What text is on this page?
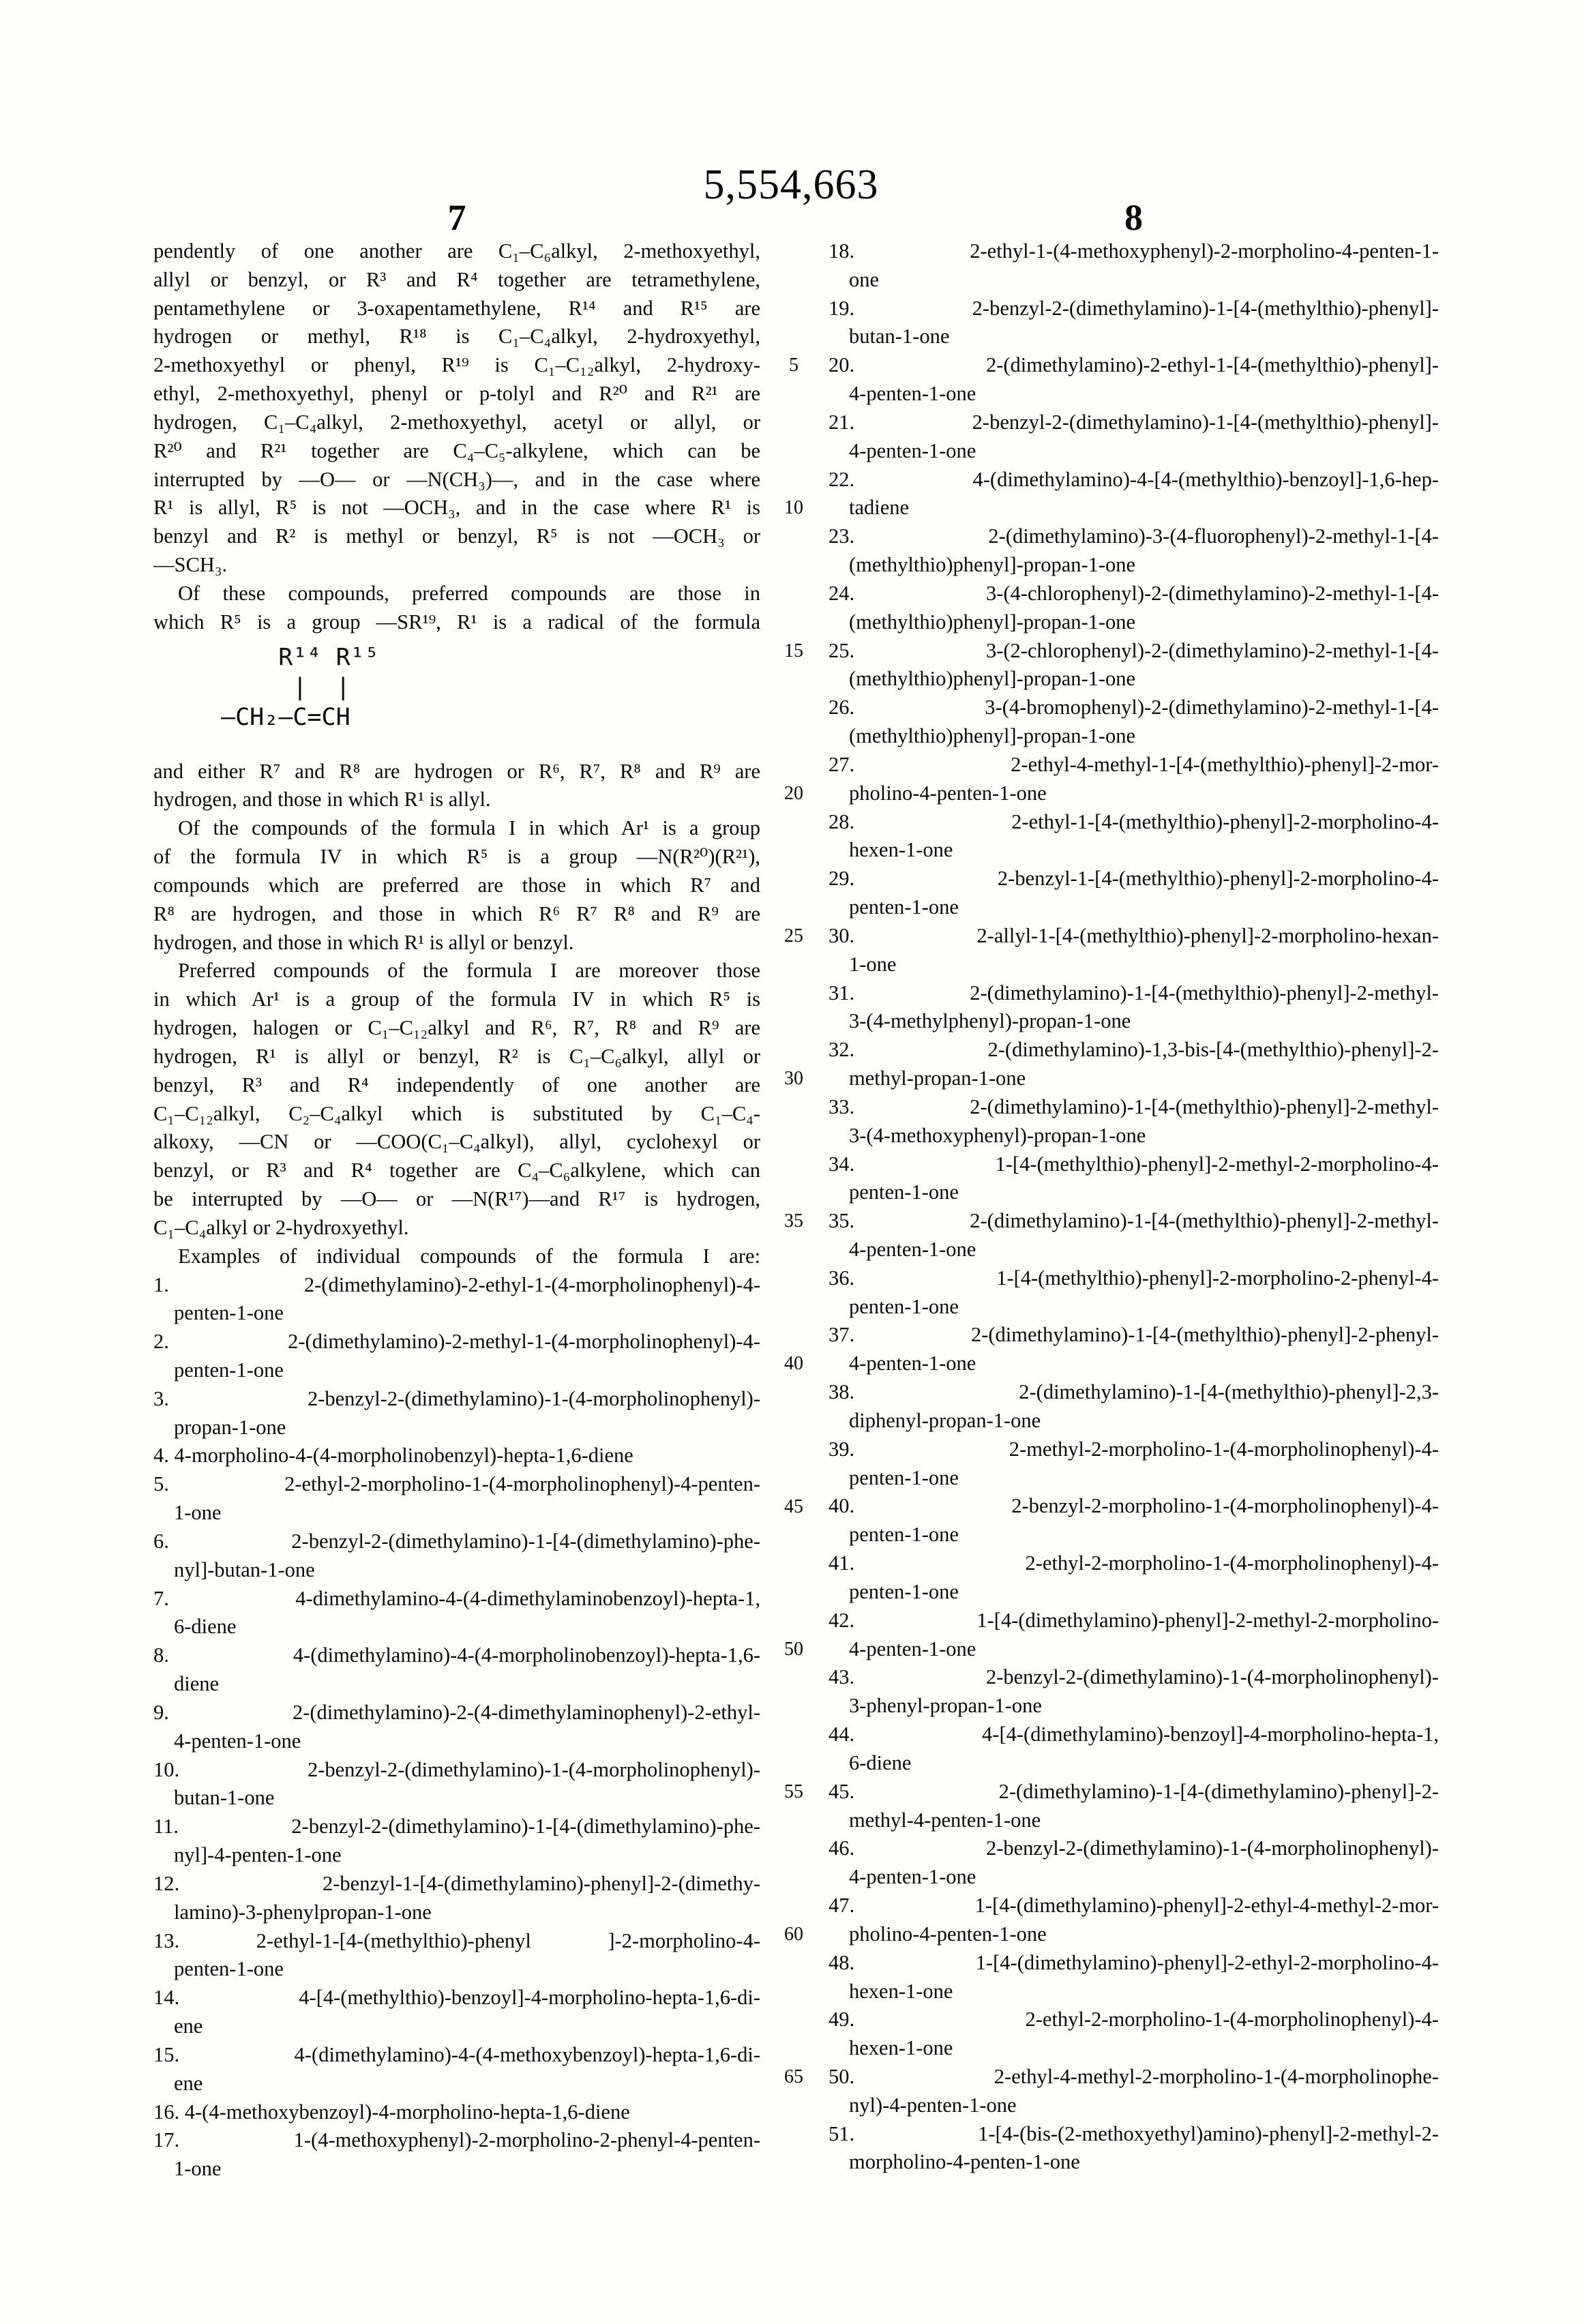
5,554,663
7	8
5
10
15
20
25
30
35
40
45
50
55
60
65
pendently of one another are C₁–C₆alkyl, 2-methoxyethyl,
allyl or benzyl, or R³ and R⁴ together are tetramethylene,
pentamethylene or 3-oxapentamethylene, R¹⁴ and R¹⁵ are
hydrogen or methyl, R¹⁸ is C₁–C₄alkyl, 2-hydroxyethyl,
2-methoxyethyl or phenyl, R¹⁹ is C₁–C₁₂alkyl, 2-hydroxy-
ethyl, 2-methoxyethyl, phenyl or p-tolyl and R²⁰ and R²¹ are
hydrogen, C₁–C₄alkyl, 2-methoxyethyl, acetyl or allyl, or
R²⁰ and R²¹ together are C₄–C₅-alkylene, which can be
interrupted by —O— or —N(CH₃)—, and in the case where
R¹ is allyl, R⁵ is not —OCH₃, and in the case where R¹ is
benzyl and R² is methyl or benzyl, R⁵ is not —OCH₃ or
—SCH₃.
Of these compounds, preferred compounds are those in
which R⁵ is a group —SR¹⁹, R¹ is a radical of the formula
R¹⁴ R¹⁵
|  |
—CH₂—C=CH
and either R⁷ and R⁸ are hydrogen or R⁶, R⁷, R⁸ and R⁹ are
hydrogen, and those in which R¹ is allyl.
Of the compounds of the formula I in which Ar¹ is a group
of the formula IV in which R⁵ is a group —N(R²⁰)(R²¹),
compounds which are preferred are those in which R⁷ and
R⁸ are hydrogen, and those in which R⁶ R⁷ R⁸ and R⁹ are
hydrogen, and those in which R¹ is allyl or benzyl.
Preferred compounds of the formula I are moreover those
in which Ar¹ is a group of the formula IV in which R⁵ is
hydrogen, halogen or C₁–C₁₂alkyl and R⁶, R⁷, R⁸ and R⁹ are
hydrogen, R¹ is allyl or benzyl, R² is C₁–C₆alkyl, allyl or
benzyl, R³ and R⁴ independently of one another are
C₁–C₁₂alkyl, C₂–C₄alkyl which is substituted by C₁–C₄-
alkoxy, —CN or —COO(C₁–C₄alkyl), allyl, cyclohexyl or
benzyl, or R³ and R⁴ together are C₄–C₆alkylene, which can
be interrupted by —O— or —N(R¹⁷)—and R¹⁷ is hydrogen,
C₁–C₄alkyl or 2-hydroxyethyl.
Examples of individual compounds of the formula I are:
1.	2-(dimethylamino)-2-ethyl-1-(4-morpholinophenyl)-4-
penten-1-one
2.	2-(dimethylamino)-2-methyl-1-(4-morpholinophenyl)-4-
penten-1-one
3.	2-benzyl-2-(dimethylamino)-1-(4-morpholinophenyl)-
propan-1-one
4. 4-morpholino-4-(4-morpholinobenzyl)-hepta-1,6-diene
5.	2-ethyl-2-morpholino-1-(4-morpholinophenyl)-4-penten-
1-one
6.	2-benzyl-2-(dimethylamino)-1-[4-(dimethylamino)-phe-
nyl]-butan-1-one
7.	4-dimethylamino-4-(4-dimethylaminobenzoyl)-hepta-1,
6-diene
8.	4-(dimethylamino)-4-(4-morpholinobenzoyl)-hepta-1,6-
diene
9.	2-(dimethylamino)-2-(4-dimethylaminophenyl)-2-ethyl-
4-penten-1-one
10.	2-benzyl-2-(dimethylamino)-1-(4-morpholinophenyl)-
butan-1-one
11.	2-benzyl-2-(dimethylamino)-1-[4-(dimethylamino)-phe-
nyl]-4-penten-1-one
12.	2-benzyl-1-[4-(dimethylamino)-phenyl]-2-(dimethy-
lamino)-3-phenylpropan-1-one
13.	2-ethyl-1-[4-(methylthio)-phenyl ]-2-morpholino-4-
penten-1-one
14.	4-[4-(methylthio)-benzoyl]-4-morpholino-hepta-1,6-di-
ene
15.	4-(dimethylamino)-4-(4-methoxybenzoyl)-hepta-1,6-di-
ene
16. 4-(4-methoxybenzoyl)-4-morpholino-hepta-1,6-diene
17.	1-(4-methoxyphenyl)-2-morpholino-2-phenyl-4-penten-
1-one
18.	2-ethyl-1-(4-methoxyphenyl)-2-morpholino-4-penten-1-
one
19.	2-benzyl-2-(dimethylamino)-1-[4-(methylthio)-phenyl]-
butan-1-one
20.	2-(dimethylamino)-2-ethyl-1-[4-(methylthio)-phenyl]-
4-penten-1-one
21.	2-benzyl-2-(dimethylamino)-1-[4-(methylthio)-phenyl]-
4-penten-1-one
22.	4-(dimethylamino)-4-[4-(methylthio)-benzoyl]-1,6-hep-
tadiene
23.	2-(dimethylamino)-3-(4-fluorophenyl)-2-methyl-1-[4-
(methylthio)phenyl]-propan-1-one
24.	3-(4-chlorophenyl)-2-(dimethylamino)-2-methyl-1-[4-
(methylthio)phenyl]-propan-1-one
25.	3-(2-chlorophenyl)-2-(dimethylamino)-2-methyl-1-[4-
(methylthio)phenyl]-propan-1-one
26.	3-(4-bromophenyl)-2-(dimethylamino)-2-methyl-1-[4-
(methylthio)phenyl]-propan-1-one
27.	2-ethyl-4-methyl-1-[4-(methylthio)-phenyl]-2-mor-
pholino-4-penten-1-one
28.	2-ethyl-1-[4-(methylthio)-phenyl]-2-morpholino-4-
hexen-1-one
29.	2-benzyl-1-[4-(methylthio)-phenyl]-2-morpholino-4-
penten-1-one
30.	2-allyl-1-[4-(methylthio)-phenyl]-2-morpholino-hexan-
1-one
31.	2-(dimethylamino)-1-[4-(methylthio)-phenyl]-2-methyl-
3-(4-methylphenyl)-propan-1-one
32.	2-(dimethylamino)-1,3-bis-[4-(methylthio)-phenyl]-2-
methyl-propan-1-one
33.	2-(dimethylamino)-1-[4-(methylthio)-phenyl]-2-methyl-
3-(4-methoxyphenyl)-propan-1-one
34.	1-[4-(methylthio)-phenyl]-2-methyl-2-morpholino-4-
penten-1-one
35.	2-(dimethylamino)-1-[4-(methylthio)-phenyl]-2-methyl-
4-penten-1-one
36.	1-[4-(methylthio)-phenyl]-2-morpholino-2-phenyl-4-
penten-1-one
37.	2-(dimethylamino)-1-[4-(methylthio)-phenyl]-2-phenyl-
4-penten-1-one
38.	2-(dimethylamino)-1-[4-(methylthio)-phenyl]-2,3-
diphenyl-propan-1-one
39.	2-methyl-2-morpholino-1-(4-morpholinophenyl)-4-
penten-1-one
40.	2-benzyl-2-morpholino-1-(4-morpholinophenyl)-4-
penten-1-one
41.	2-ethyl-2-morpholino-1-(4-morpholinophenyl)-4-
penten-1-one
42.	1-[4-(dimethylamino)-phenyl]-2-methyl-2-morpholino-
4-penten-1-one
43.	2-benzyl-2-(dimethylamino)-1-(4-morpholinophenyl)-
3-phenyl-propan-1-one
44.	4-[4-(dimethylamino)-benzoyl]-4-morpholino-hepta-1,
6-diene
45.	2-(dimethylamino)-1-[4-(dimethylamino)-phenyl]-2-
methyl-4-penten-1-one
46.	2-benzyl-2-(dimethylamino)-1-(4-morpholinophenyl)-
4-penten-1-one
47.	1-[4-(dimethylamino)-phenyl]-2-ethyl-4-methyl-2-mor-
pholino-4-penten-1-one
48.	1-[4-(dimethylamino)-phenyl]-2-ethyl-2-morpholino-4-
hexen-1-one
49.	2-ethyl-2-morpholino-1-(4-morpholinophenyl)-4-
hexen-1-one
50.	2-ethyl-4-methyl-2-morpholino-1-(4-morpholinophe-
nyl)-4-penten-1-one
51.	1-[4-(bis-(2-methoxyethyl)amino)-phenyl]-2-methyl-2-
morpholino-4-penten-1-one
